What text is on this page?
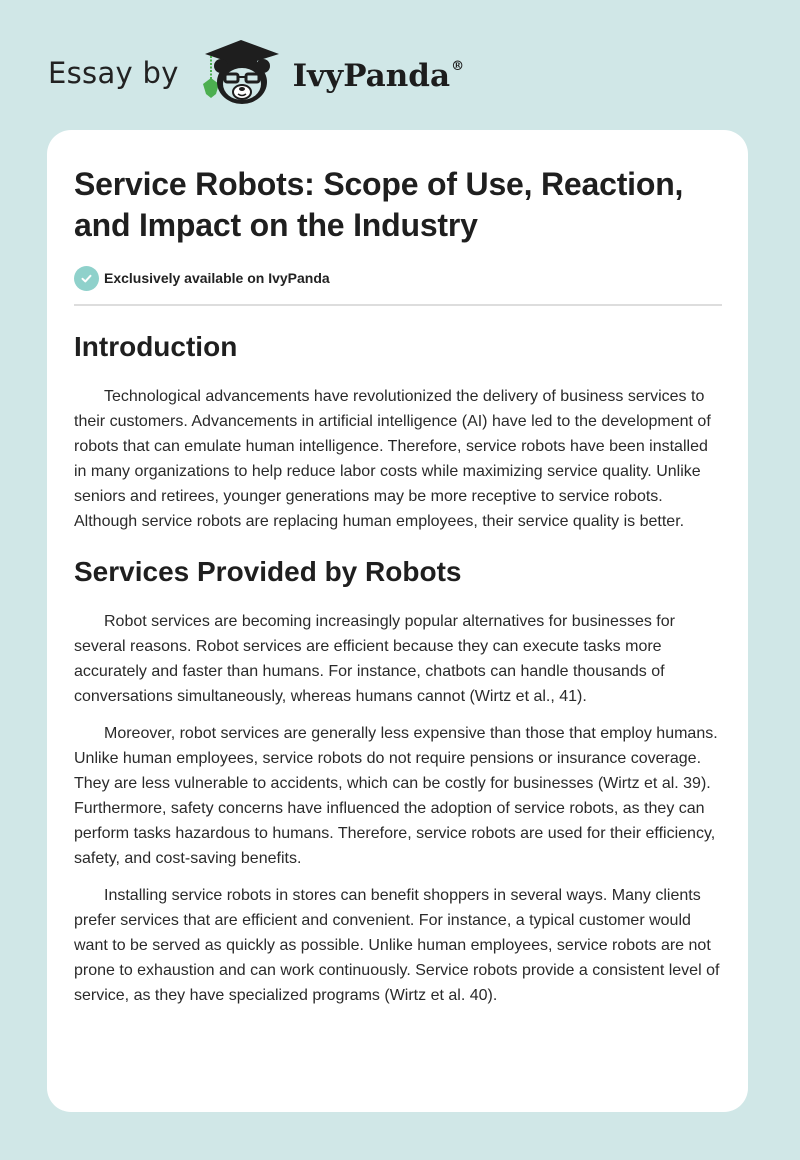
Essay by	IvyPanda®
Service Robots: Scope of Use, Reaction, and Impact on the Industry
Exclusively available on IvyPanda
Introduction

Technological advancements have revolutionized the delivery of business services to their customers. Advancements in artificial intelligence (AI) have led to the development of robots that can emulate human intelligence. Therefore, service robots have been installed in many organizations to help reduce labor costs while maximizing service quality. Unlike seniors and retirees, younger generations may be more receptive to service robots. Although service robots are replacing human employees, their service quality is better.

Services Provided by Robots

Robot services are becoming increasingly popular alternatives for businesses for several reasons. Robot services are efficient because they can execute tasks more accurately and faster than humans. For instance, chatbots can handle thousands of conversations simultaneously, whereas humans cannot (Wirtz et al., 41).

Moreover, robot services are generally less expensive than those that employ humans. Unlike human employees, service robots do not require pensions or insurance coverage. They are less vulnerable to accidents, which can be costly for businesses (Wirtz et al. 39). Furthermore, safety concerns have influenced the adoption of service robots, as they can perform tasks hazardous to humans. Therefore, service robots are used for their efficiency, safety, and cost-saving benefits.

Installing service robots in stores can benefit shoppers in several ways. Many clients prefer services that are efficient and convenient. For instance, a typical customer would want to be served as quickly as possible. Unlike human employees, service robots are not prone to exhaustion and can work continuously. Service robots provide a consistent level of service, as they have specialized programs (Wirtz et al. 40).
